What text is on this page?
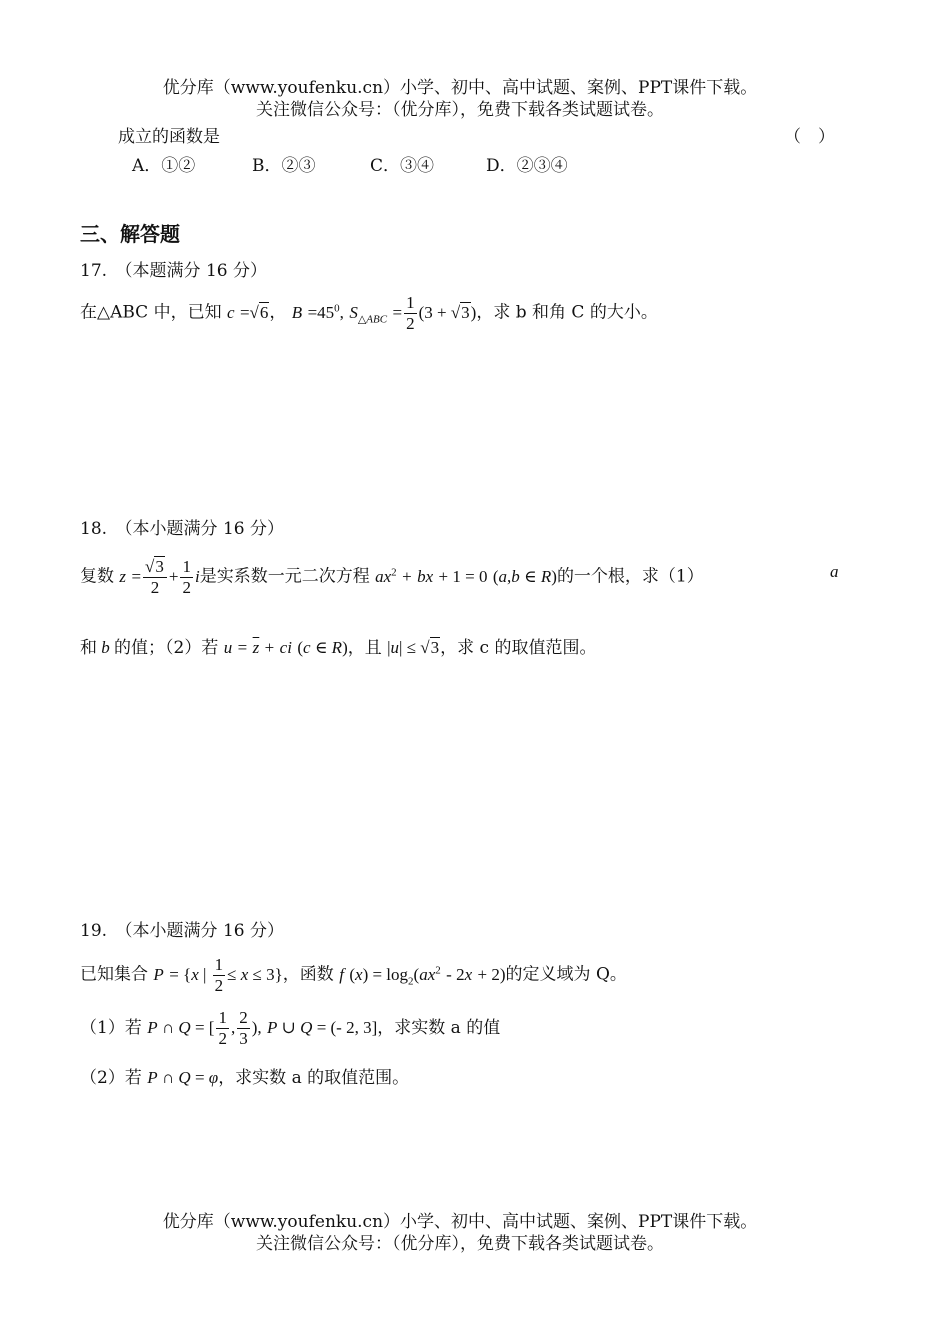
优分库（www.youfenku.cn）小学、初中、高中试题、案例、PPT课件下载。
关注微信公众号：（优分库），免费下载各类试题试卷。
成立的函数是	（　）
A．①②	B．②③	C．③④	D．②③④
三、解答题
17.　（本题满分 16 分）
在△ABC 中，已知 c =√6， $B =45^0$, $S_{\triangle ABC} = \frac{1}{2} (3 + √3)$，求 b 和角 C 的大小。
18.　（本小题满分 16 分）
复数 $z = \frac{√3}{2} + \frac{1}{2}$ i是实系数一元二次方程 $ax^2$ + bx + 1 = 0 (a,b ∈ R)的一个根，求（1）	a
和 b 的值；（2）若 $u = \overline{z}$ + ci (c ∈ R)，且 |u| ≤ √3，求 c 的取值范围。
19.　（本小题满分 16 分）
已知集合 P = {x | $\frac{1}{2} \le x \le 3$}，函数 f $(x) = \log_2(ax^2 - 2x + 2)$的定义域为 Q。
（1）若 P ∩ Q = [ $\frac{1}{2}$ , $\frac{2}{3}$ ), P ∪ Q = (- 2, 3]，求实数 a 的值
（2）若 P ∩ Q = φ，求实数 a 的取值范围。
优分库（www.youfenku.cn）小学、初中、高中试题、案例、PPT课件下载。
关注微信公众号：（优分库），免费下载各类试题试卷。
